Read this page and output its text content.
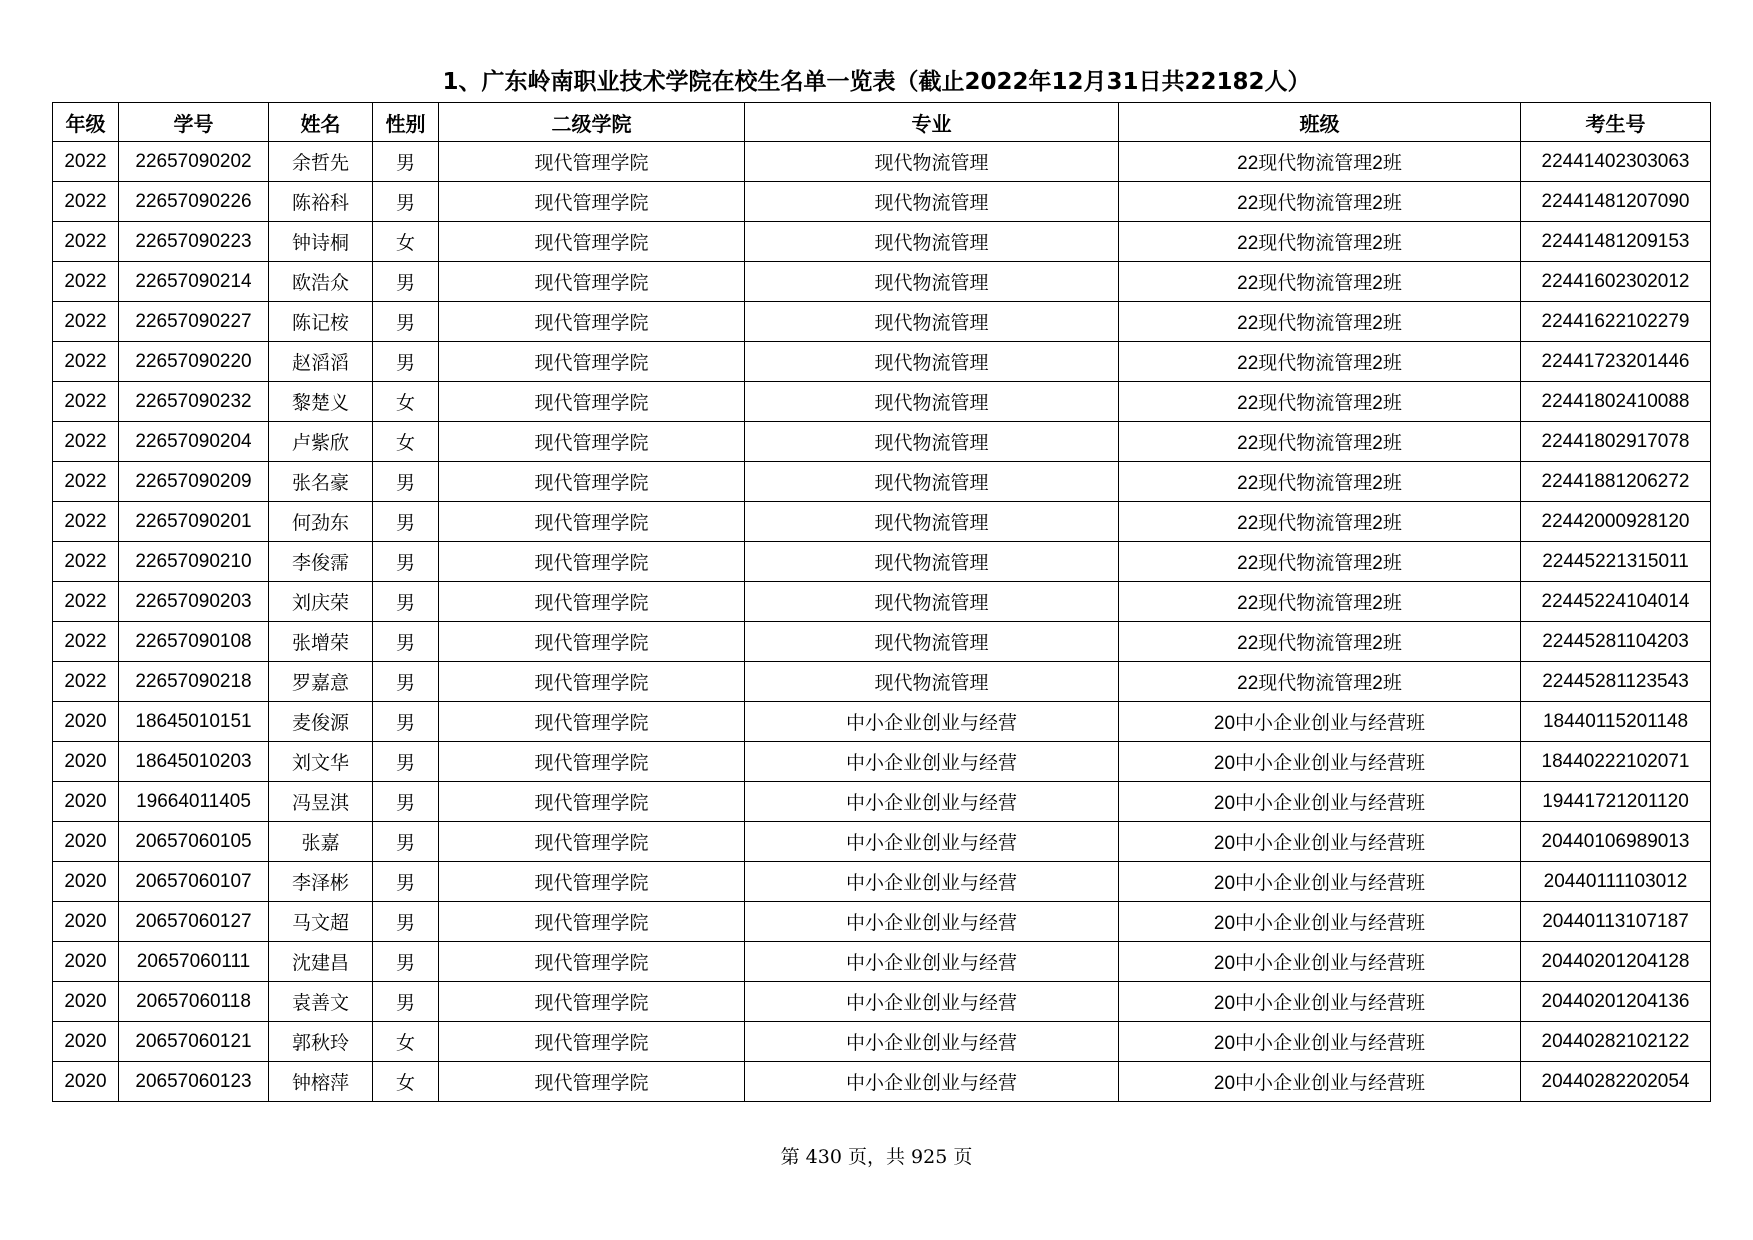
1、广东岭南职业技术学院在校生名单一览表（截止2022年12月31日共22182人）
年级	学号	姓名	性别	二级学院	专业	班级	考生号
2022	22657090202	余哲先	男	现代管理学院	现代物流管理	22现代物流管理2班	22441402303063
2022	22657090226	陈裕科	男	现代管理学院	现代物流管理	22现代物流管理2班	22441481207090
2022	22657090223	钟诗桐	女	现代管理学院	现代物流管理	22现代物流管理2班	22441481209153
2022	22657090214	欧浩众	男	现代管理学院	现代物流管理	22现代物流管理2班	22441602302012
2022	22657090227	陈记桉	男	现代管理学院	现代物流管理	22现代物流管理2班	22441622102279
2022	22657090220	赵滔滔	男	现代管理学院	现代物流管理	22现代物流管理2班	22441723201446
2022	22657090232	黎楚义	女	现代管理学院	现代物流管理	22现代物流管理2班	22441802410088
2022	22657090204	卢紫欣	女	现代管理学院	现代物流管理	22现代物流管理2班	22441802917078
2022	22657090209	张名豪	男	现代管理学院	现代物流管理	22现代物流管理2班	22441881206272
2022	22657090201	何劲东	男	现代管理学院	现代物流管理	22现代物流管理2班	22442000928120
2022	22657090210	李俊霈	男	现代管理学院	现代物流管理	22现代物流管理2班	22445221315011
2022	22657090203	刘庆荣	男	现代管理学院	现代物流管理	22现代物流管理2班	22445224104014
2022	22657090108	张增荣	男	现代管理学院	现代物流管理	22现代物流管理2班	22445281104203
2022	22657090218	罗嘉意	男	现代管理学院	现代物流管理	22现代物流管理2班	22445281123543
2020	18645010151	麦俊源	男	现代管理学院	中小企业创业与经营	20中小企业创业与经营班	18440115201148
2020	18645010203	刘文华	男	现代管理学院	中小企业创业与经营	20中小企业创业与经营班	18440222102071
2020	19664011405	冯昱淇	男	现代管理学院	中小企业创业与经营	20中小企业创业与经营班	19441721201120
2020	20657060105	张嘉	男	现代管理学院	中小企业创业与经营	20中小企业创业与经营班	20440106989013
2020	20657060107	李泽彬	男	现代管理学院	中小企业创业与经营	20中小企业创业与经营班	20440111103012
2020	20657060127	马文超	男	现代管理学院	中小企业创业与经营	20中小企业创业与经营班	20440113107187
2020	20657060111	沈建昌	男	现代管理学院	中小企业创业与经营	20中小企业创业与经营班	20440201204128
2020	20657060118	袁善文	男	现代管理学院	中小企业创业与经营	20中小企业创业与经营班	20440201204136
2020	20657060121	郭秋玲	女	现代管理学院	中小企业创业与经营	20中小企业创业与经营班	20440282102122
2020	20657060123	钟榕萍	女	现代管理学院	中小企业创业与经营	20中小企业创业与经营班	20440282202054
第 430 页，共 925 页
